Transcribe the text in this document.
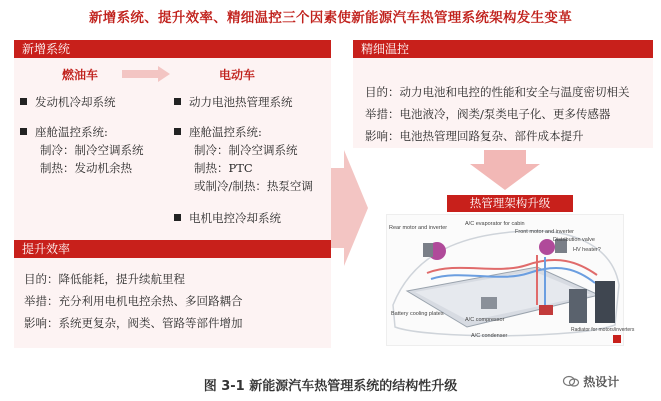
新增系统、提升效率、精细温控三个因素使新能源汽车热管理系统架构发生变革
新增系统
燃油车	电动车
发动机冷却系统
座舱温控系统:
制冷：制冷空调系统
制热：发动机余热
动力电池热管理系统
座舱温控系统:
制冷：制冷空调系统
制热：PTC
或制冷/制热：热泵空调
电机电控冷却系统
提升效率
目的：降低能耗，提升续航里程
举措：充分利用电机电控余热、多回路耦合
影响：系统更复杂，阀类、管路等部件增加
精细温控
目的：动力电池和电控的性能和安全与温度密切相关
举措：电池液冷，阀类/泵类电子化、更多传感器
影响：电池热管理回路复杂、部件成本提升
热管理架构升级
Rear motor and inverter
A/C evaporator for cabin
Front motor and inverter
Distribution valve
HV heater?
Battery cooling plates
A/C compressor
A/C condenser
Radiator for motors/inverters
图 3-1 新能源汽车热管理系统的结构性升级	热设计
